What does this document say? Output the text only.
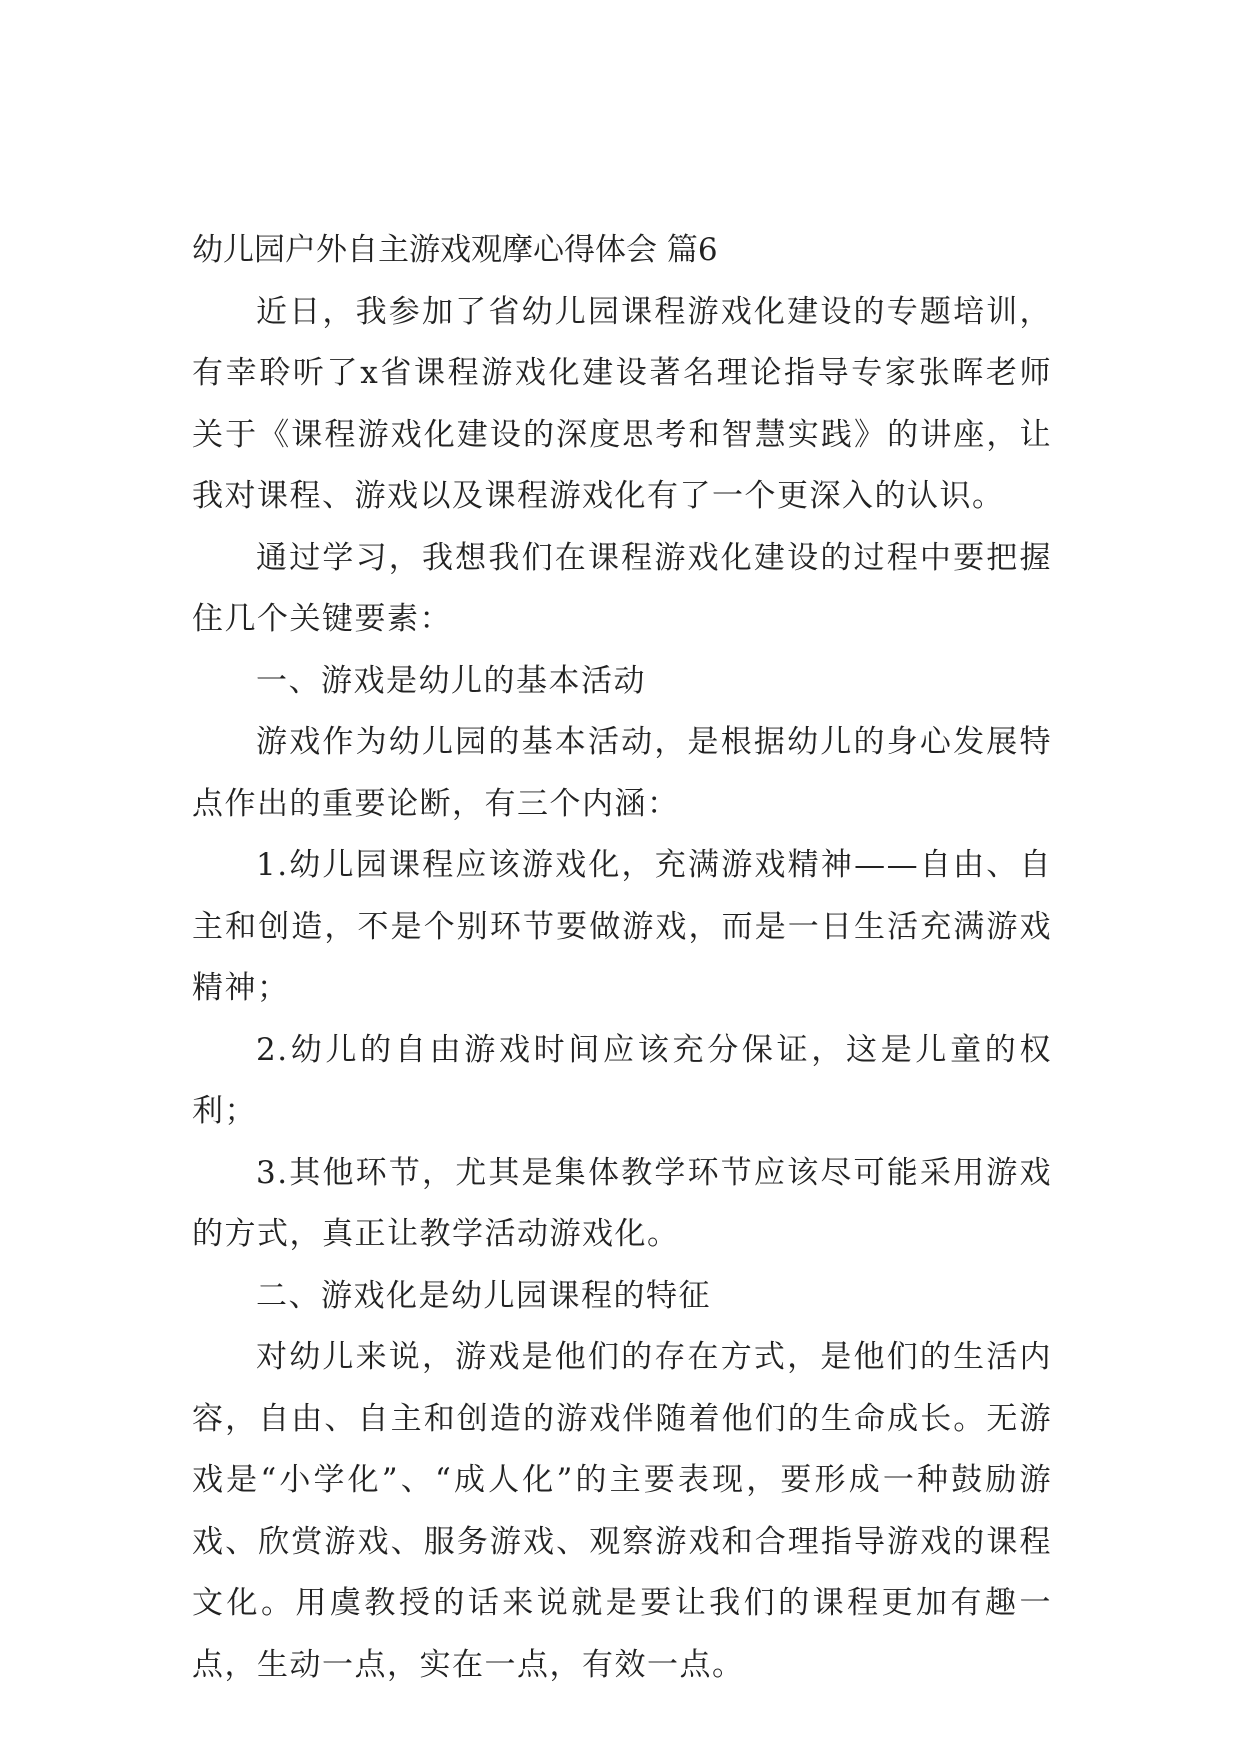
幼儿园户外自主游戏观摩心得体会 篇6

近日，我参加了省幼儿园课程游戏化建设的专题培训，有幸聆听了x省课程游戏化建设著名理论指导专家张晖老师关于《课程游戏化建设的深度思考和智慧实践》的讲座，让我对课程、游戏以及课程游戏化有了一个更深入的认识。

通过学习，我想我们在课程游戏化建设的过程中要把握住几个关键要素：

一、游戏是幼儿的基本活动

游戏作为幼儿园的基本活动，是根据幼儿的身心发展特点作出的重要论断，有三个内涵：

1.幼儿园课程应该游戏化，充满游戏精神——自由、自主和创造，不是个别环节要做游戏，而是一日生活充满游戏精神；

2.幼儿的自由游戏时间应该充分保证，这是儿童的权利；

3.其他环节，尤其是集体教学环节应该尽可能采用游戏的方式，真正让教学活动游戏化。

二、游戏化是幼儿园课程的特征

对幼儿来说，游戏是他们的存在方式，是他们的生活内容，自由、自主和创造的游戏伴随着他们的生命成长。无游戏是“小学化”、“成人化”的主要表现，要形成一种鼓励游戏、欣赏游戏、服务游戏、观察游戏和合理指导游戏的课程文化。用虞教授的话来说就是要让我们的课程更加有趣一点，生动一点，实在一点，有效一点。
